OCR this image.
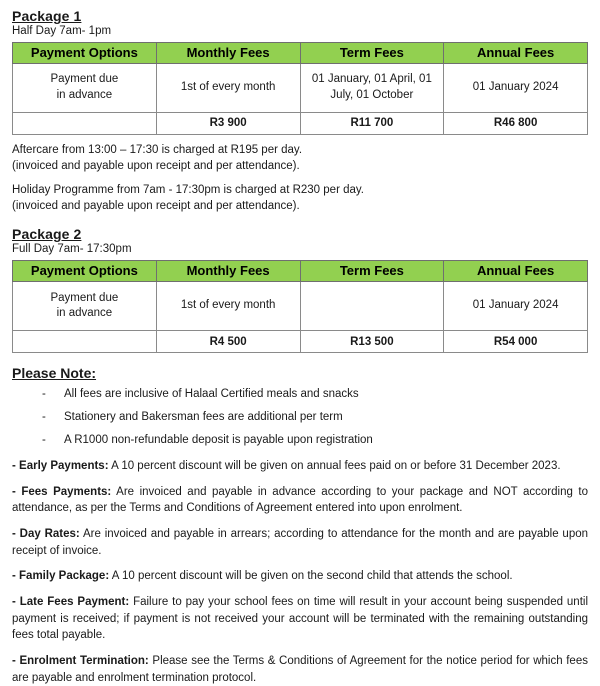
Package 1
Half Day 7am- 1pm
Payment Options	Monthly Fees	Term Fees	Annual Fees
Payment due
in advance	1st of every month	01 January, 01 April, 01 July, 01 October	01 January 2024
	R3 900	R11 700	R46 800
Aftercare from 13:00 – 17:30 is charged at R195 per day.
(invoiced and payable upon receipt and per attendance).
Holiday Programme from 7am - 17:30pm is charged at R230 per day.
(invoiced and payable upon receipt and per attendance).
Package 2
Full Day 7am- 17:30pm
Payment Options	Monthly Fees	Term Fees	Annual Fees
Payment due
in advance	1st of every month		01 January 2024
	R4 500	R13 500	R54 000
Please Note:
- All fees are inclusive of Halaal Certified meals and snacks
- Stationery and Bakersman fees are additional per term
- A R1000 non-refundable deposit is payable upon registration

- Early Payments: A 10 percent discount will be given on annual fees paid on or before 31 December 2023.

- Fees Payments: Are invoiced and payable in advance according to your package and NOT according to attendance, as per the Terms and Conditions of Agreement entered into upon enrolment.

- Day Rates: Are invoiced and payable in arrears; according to attendance for the month and are payable upon receipt of invoice.

- Family Package: A 10 percent discount will be given on the second child that attends the school.

- Late Fees Payment: Failure to pay your school fees on time will result in your account being suspended until payment is received; if payment is not received your account will be terminated with the remaining outstanding fees total payable.

- Enrolment Termination: Please see the Terms & Conditions of Agreement for the notice period for which fees are payable and enrolment termination protocol.
